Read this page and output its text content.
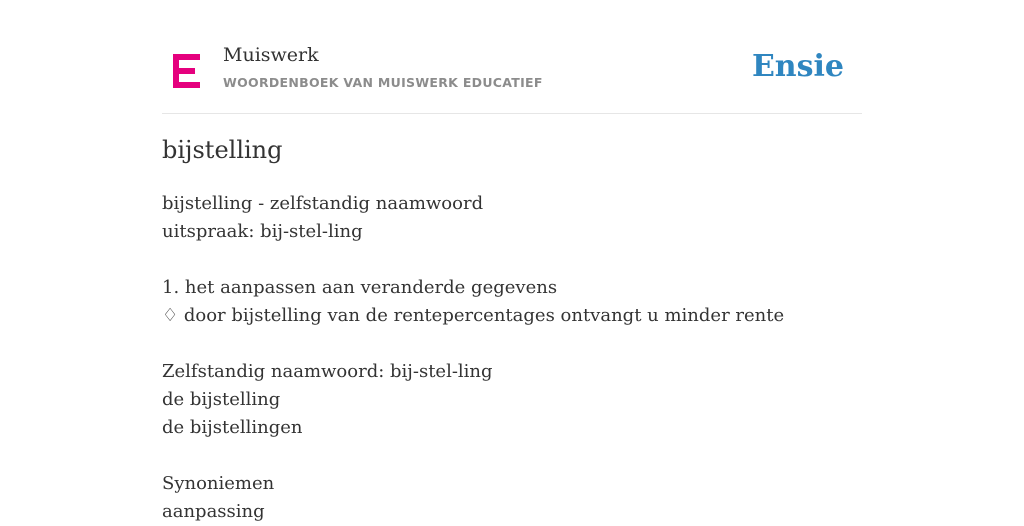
Muiswerk
WOORDENBOEK VAN MUISWERK EDUCATIEF	Ensie
bijstelling
bijstelling - zelfstandig naamwoord
uitspraak: bij-stel-ling
1. het aanpassen aan veranderde gegevens
♢ door bijstelling van de rentepercentages ontvangt u minder rente
Zelfstandig naamwoord: bij-stel-ling
de bijstelling
de bijstellingen
Synoniemen
aanpassing
